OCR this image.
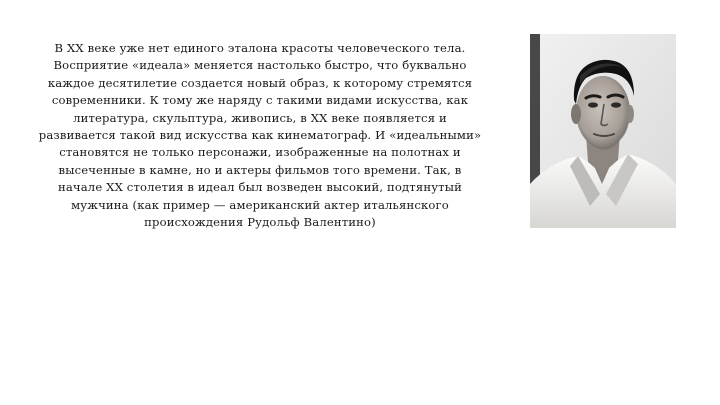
В ХХ веке уже нет единого эталона красоты человеческого тела.

Восприятие «идеала» меняется настолько быстро, что буквально

каждое десятилетие создается новый образ, к которому стремятся

современники. К тому же наряду с такими видами искусства, как

литература, скульптура, живопись, в ХХ веке появляется и

развивается такой вид искусства как кинематограф. И «идеальными»

становятся не только персонажи, изображенные на полотнах и

высеченные в камне, но и актеры фильмов того времени. Так, в

начале ХХ столетия в идеал был возведен высокий, подтянутый

мужчина (как пример — американский актер итальянского

происхождения Рудольф Валентино)
